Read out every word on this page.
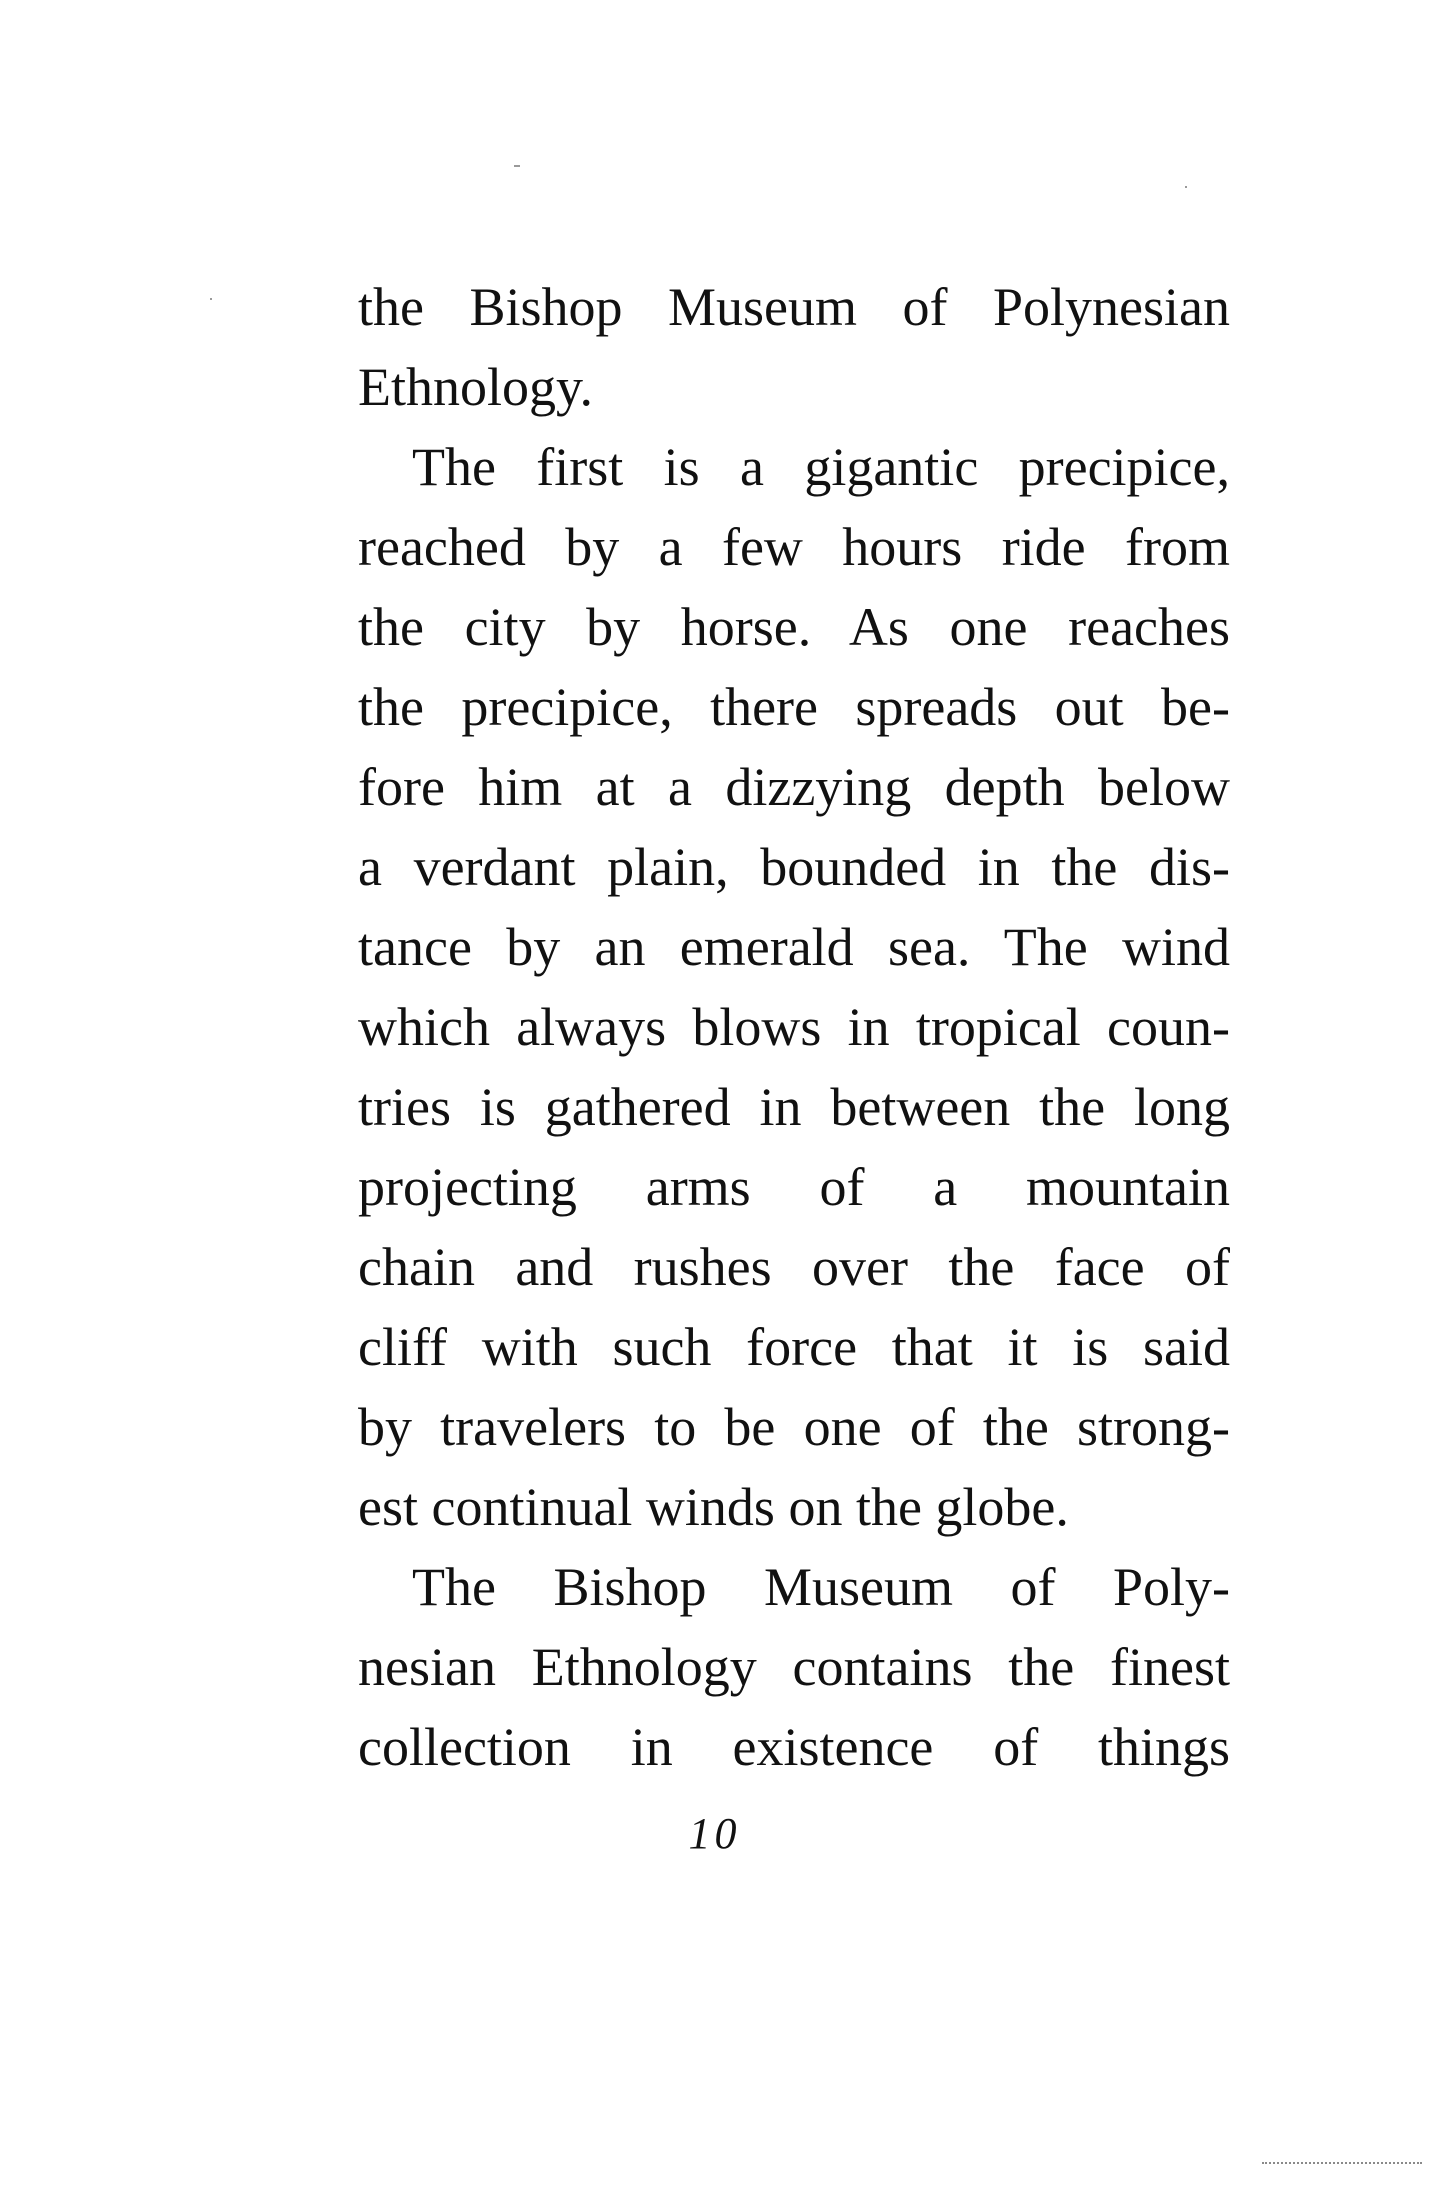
the Bishop Museum of Polynesian
Ethnology.
The first is a gigantic precipice,
reached by a few hours ride from
the city by horse. As one reaches
the precipice, there spreads out be-
fore him at a dizzying depth below
a verdant plain, bounded in the dis-
tance by an emerald sea. The wind
which always blows in tropical coun-
tries is gathered in between the long
projecting arms of a mountain
chain and rushes over the face of
cliff with such force that it is said
by travelers to be one of the strong-
est continual winds on the globe.
The Bishop Museum of Poly-
nesian Ethnology contains the finest
collection in existence of things
10
